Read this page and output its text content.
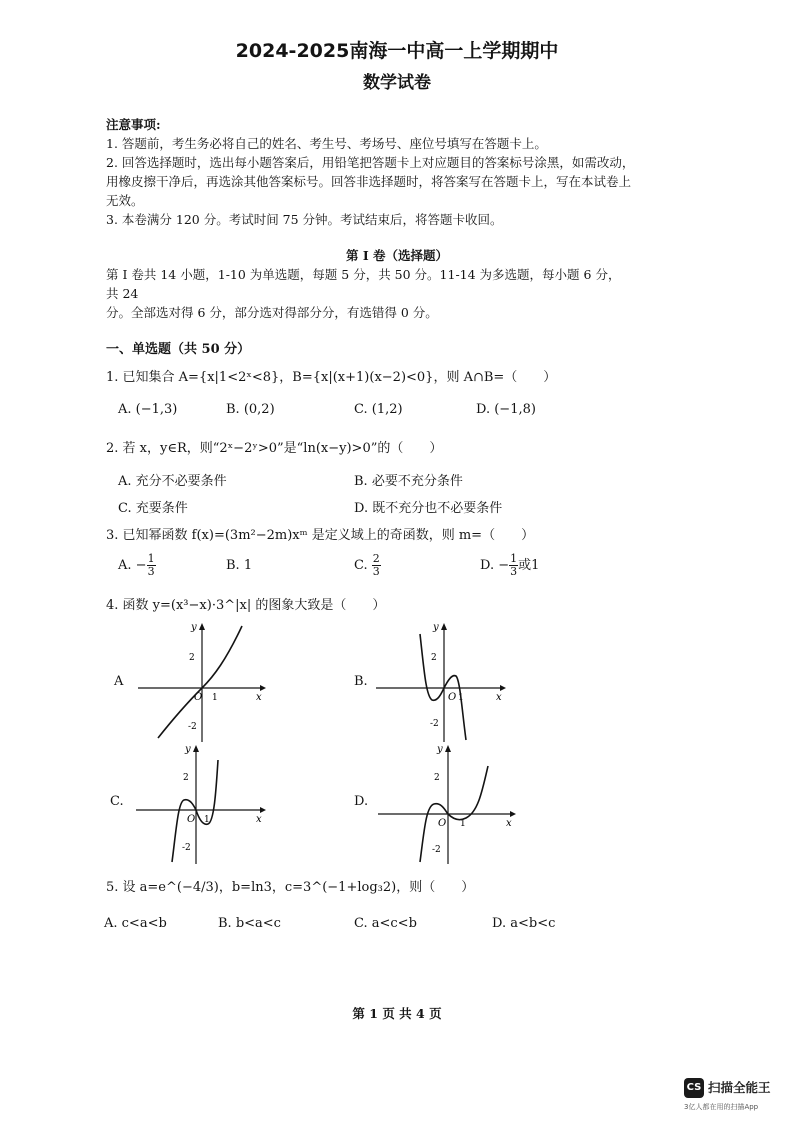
2024-2025南海一中高一上学期期中
数学试卷
注意事项:
1. 答题前，考生务必将自己的姓名、考生号、考场号、座位号填写在答题卡上。
2. 回答选择题时，选出每小题答案后，用铅笔把答题卡上对应题目的答案标号涂黑，如需改动，
用橡皮擦干净后，再选涂其他答案标号。回答非选择题时，将答案写在答题卡上，写在本试卷上
无效。
3. 本卷满分 120 分。考试时间 75 分钟。考试结束后，将答题卡收回。
第 I 卷（选择题）
第 I 卷共 14 小题，1-10 为单选题，每题 5 分，共 50 分。11-14 为多选题，每小题 6 分，
共 24
分。全部选对得 6 分，部分选对得部分分，有选错得 0 分。
一、单选题（共 50 分）
1. 已知集合 A={x|1<2ˣ<8}，B={x|(x+1)(x−2)<0}，则 A∩B=（　　）
A. (−1,3)	B. (0,2)	C. (1,2)	D. (−1,8)
2. 若 x，y∈R，则“2ˣ−2ʸ>0”是“ln(x−y)>0”的（　　）
A. 充分不必要条件	B. 必要不充分条件
C. 充要条件	D. 既不充分也不必要条件
3. 已知幂函数 f(x)=(3m²−2m)xᵐ 是定义域上的奇函数，则 m=（　　）
A. − $\frac{1}{3}$	B. 1	C. $\frac{2}{3}$	D. − $\frac{1}{3}$ 或1
4. 函数 y=(x³−x)·3^|x| 的图象大致是（　　）
A
y
x
O 1
2
-2
B.
y
x
O 1
2
-2
C.
y
x
O 1
2
-2
D.
y
x
O 1
2
-2
5. 设 a=e^(−4/3)，b=ln3，c=3^(−1+log₃2)，则（　　）
A. c<a<b	B. b<a<c	C. a<c<b	D. a<b<c
第 1 页 共 4 页
CS 扫描全能王
3亿人都在用的扫描App
